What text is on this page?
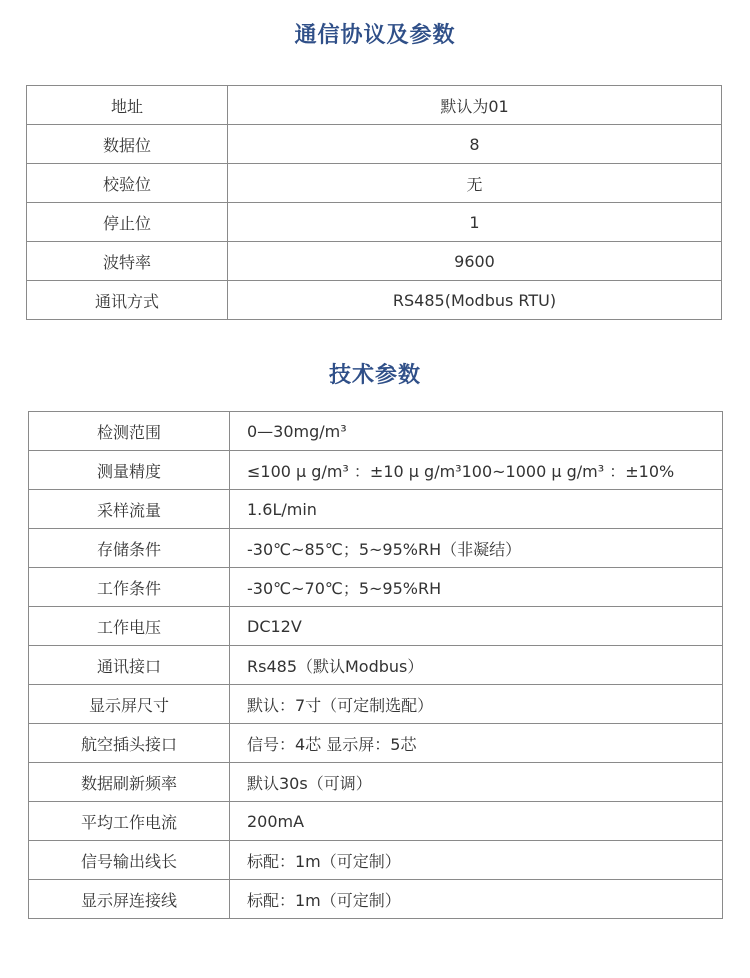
通信协议及参数
地址	默认为01
数据位	8
校验位	无
停止位	1
波特率	9600
通讯方式	RS485(Modbus RTU)
技术参数
检测范围	0—30mg/m³
测量精度	≤100 μ g/m³ ：±10 μ g/m³100~1000 μ g/m³ ：±10%
采样流量	1.6L/min
存储条件	-30℃~85℃；5~95%RH（非凝结）
工作条件	-30℃~70℃；5~95%RH
工作电压	DC12V
通讯接口	Rs485（默认Modbus）
显示屏尺寸	默认：7寸（可定制选配）
航空插头接口	信号：4芯 显示屏：5芯
数据刷新频率	默认30s（可调）
平均工作电流	200mA
信号输出线长	标配：1m（可定制）
显示屏连接线	标配：1m（可定制）
